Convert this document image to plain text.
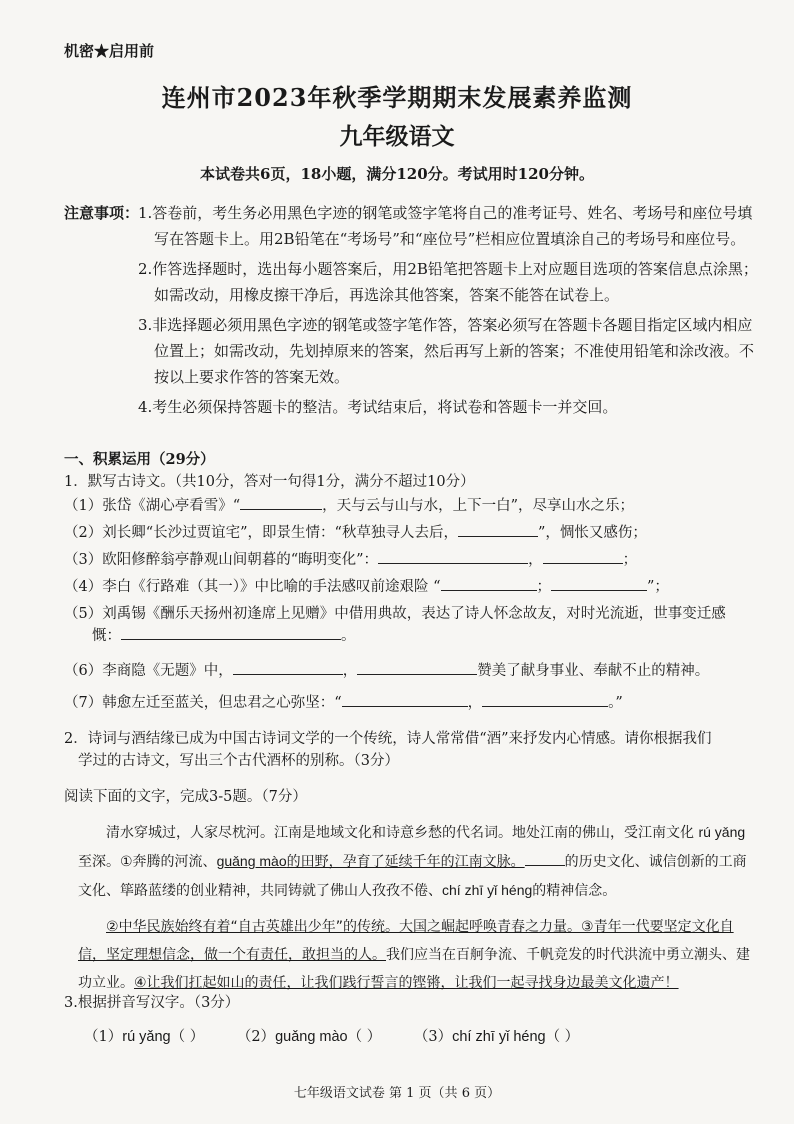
机密★启用前
连州市2023年秋季学期期末发展素养监测
九年级语文
本试卷共6页，18小题，满分120分。考试用时120分钟。
注意事项：
1.答卷前，考生务必用黑色字迹的钢笔或签字笔将自己的准考证号、姓名、考场号和座位号填写在答题卡上。用2B铅笔在“考场号”和“座位号”栏相应位置填涂自己的考场号和座位号。
2.作答选择题时，选出每小题答案后，用2B铅笔把答题卡上对应题目选项的答案信息点涂黑；如需改动，用橡皮擦干净后，再选涂其他答案，答案不能答在试卷上。
3.非选择题必须用黑色字迹的钢笔或签字笔作答，答案必须写在答题卡各题目指定区域内相应位置上；如需改动，先划掉原来的答案，然后再写上新的答案；不准使用铅笔和涂改液。不按以上要求作答的答案无效。
4.考生必须保持答题卡的整洁。考试结束后，将试卷和答题卡一并交回。
一、积累运用（29分）
1．默写古诗文。（共10分，答对一句得1分，满分不超过10分）
（1）张岱《湖心亭看雪》“	，天与云与山与水，上下一白”，尽享山水之乐；
（2）刘长卿“长沙过贾谊宅”，即景生情：“秋草独寻人去后，	”，惆怅又感伤；
（3）欧阳修醉翁亭静观山间朝暮的“晦明变化”：	，	；
（4）李白《行路难（其一）》中比喻的手法感叹前途艰险 “	；	”；
（5）刘禹锡《酬乐天扬州初逢席上见赠》中借用典故，表达了诗人怀念故友，对时光流逝，世事变迁感
慨：	。
（6）李商隐《无题》中，	，	赞美了献身事业、奉献不止的精神。
（7）韩愈左迁至蓝关，但忠君之心弥坚：“	，	。”
2．诗词与酒结缘已成为中国古诗词文学的一个传统，诗人常常借“酒”来抒发内心情感。请你根据我们
学过的古诗文，写出三个古代酒杯的别称。（3分）
阅读下面的文字，完成3-5题。（7分）

清水穿城过，人家尽枕河。江南是地域文化和诗意乡愁的代名词。地处江南的佛山，受江南文化 rú yǎng至深。①奔腾的河流、guǎng mào的田野，孕育了延续千年的江南文脉。	的历史文化、诚信创新的工商文化、筚路蓝缕的创业精神，共同铸就了佛山人孜孜不倦、chí zhī yǐ héng的精神信念。

②中华民族始终有着“自古英雄出少年”的传统。大国之崛起呼唤青春之力量。③青年一代要坚定文化自信，坚定理想信念，做一个有责任，敢担当的人。我们应当在百舸争流、千帆竞发的时代洪流中勇立潮头、建功立业。④让我们扛起如山的责任，让我们践行誓言的铿锵，让我们一起寻找身边最美文化遗产！

3.根据拼音写汉字。（3分）
（1）rú yǎng（ ） （2）guǎng mào（ ） （3）chí zhī yǐ héng（ ）
七年级语文试卷 第 1 页（共 6 页）
